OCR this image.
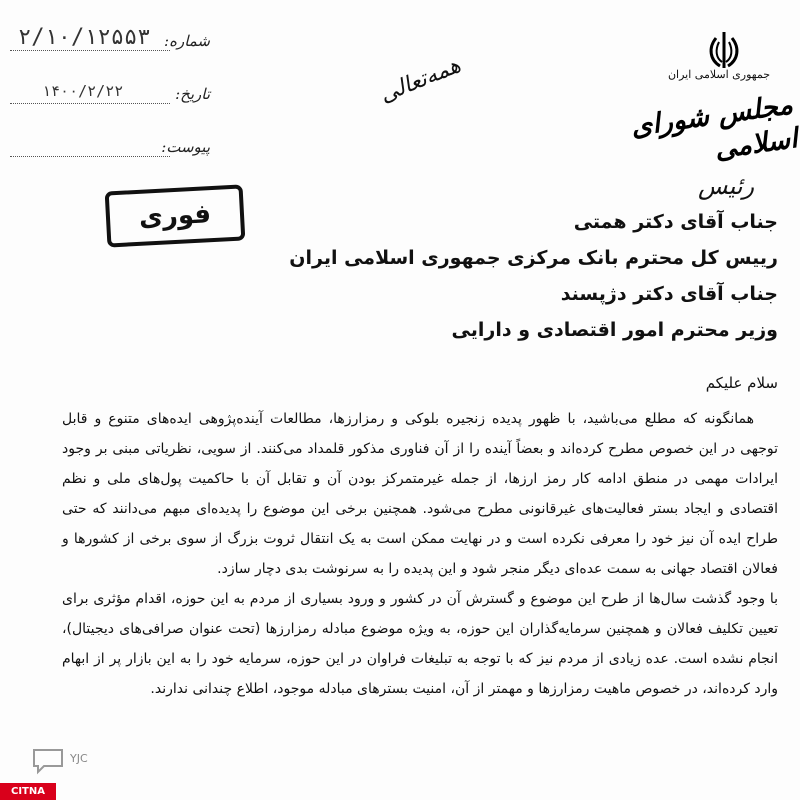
شماره:
۲/۱۰/۱۲۵۵۳
تاریخ:
۱۴۰۰/۲/۲۲
پیوست:
همه‌تعالی
فوری
جمهوری اسلامی ایران
مجلس شورای اسلامی
رئیس
جناب آقای دکتر همتی
رییس کل محترم بانک مرکزی جمهوری اسلامی ایران
جناب آقای دکتر دژپسند
وزیر محترم امور اقتصادی و دارایی
سلام علیکم

همانگونه که مطلع می‌باشید، با ظهور پدیده زنجیره بلوکی و رمزارزها، مطالعات آینده‌پژوهی ایده‌های متنوع و قابل توجهی در این خصوص مطرح کرده‌اند و بعضاً آینده را از آن فناوری مذکور قلمداد می‌کنند. از سویی، نظریاتی مبنی بر وجود ایرادات مهمی در منطق ادامه کار رمز ارزها، از جمله غیرمتمرکز بودن آن و تقابل آن با حاکمیت پول‌های ملی و نظم اقتصادی و ایجاد بستر فعالیت‌های غیرقانونی مطرح می‌شود. همچنین برخی این موضوع را پدیده‌ای مبهم می‌دانند که حتی طراح ایده آن نیز خود را معرفی نکرده است و در نهایت ممکن است به یک انتقال ثروت بزرگ از سوی برخی از کشورها و فعالان اقتصاد جهانی به سمت عده‌ای دیگر منجر شود و این پدیده را به سرنوشت بدی دچار سازد.

با وجود گذشت سال‌ها از طرح این موضوع و گسترش آن در کشور و ورود بسیاری از مردم به این حوزه، اقدام مؤثری برای تعیین تکلیف فعالان و همچنین سرمایه‌گذاران این حوزه، به ویژه موضوع مبادله رمزارزها (تحت عنوان صرافی‌های دیجیتال)، انجام نشده است. عده زیادی از مردم نیز که با توجه به تبلیغات فراوان در این حوزه، سرمایه خود را به این بازار پر از ابهام وارد کرده‌اند، در خصوص ماهیت رمزارزها و مهمتر از آن، امنیت بسترهای مبادله موجود، اطلاع چندانی ندارند.

YJC
CITNA
